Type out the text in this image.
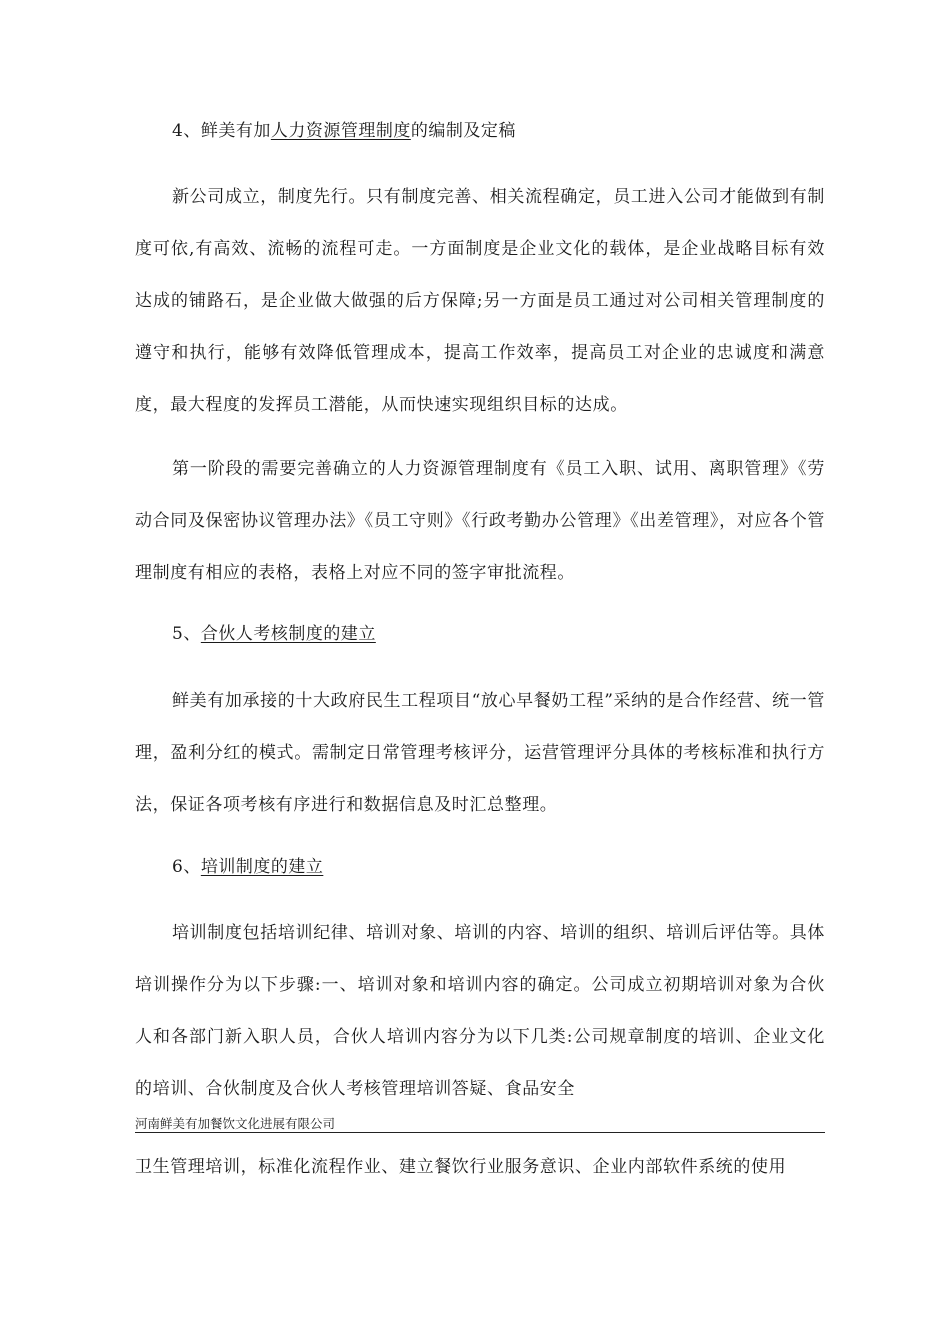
4、鲜美有加人力资源管理制度的编制及定稿

新公司成立，制度先行。只有制度完善、相关流程确定，员工进入公司才能做到有制度可依,有高效、流畅的流程可走。一方面制度是企业文化的载体，是企业战略目标有效达成的铺路石，是企业做大做强的后方保障;另一方面是员工通过对公司相关管理制度的遵守和执行，能够有效降低管理成本，提高工作效率，提高员工对企业的忠诚度和满意度，最大程度的发挥员工潜能，从而快速实现组织目标的达成。

第一阶段的需要完善确立的人力资源管理制度有《员工入职、试用、离职管理》《劳动合同及保密协议管理办法》《员工守则》《行政考勤办公管理》《出差管理》，对应各个管理制度有相应的表格，表格上对应不同的签字审批流程。

5、合伙人考核制度的建立

鲜美有加承接的十大政府民生工程项目“放心早餐奶工程”采纳的是合作经营、统一管理，盈利分红的模式。需制定日常管理考核评分，运营管理评分具体的考核标准和执行方法，保证各项考核有序进行和数据信息及时汇总整理。

6、培训制度的建立

培训制度包括培训纪律、培训对象、培训的内容、培训的组织、培训后评估等。具体培训操作分为以下步骤:一、培训对象和培训内容的确定。公司成立初期培训对象为合伙人和各部门新入职人员，合伙人培训内容分为以下几类:公司规章制度的培训、企业文化的培训、合伙制度及合伙人考核管理培训答疑、食品安全

河南鲜美有加餐饮文化进展有限公司

卫生管理培训，标准化流程作业、建立餐饮行业服务意识、企业内部软件系统的使用
